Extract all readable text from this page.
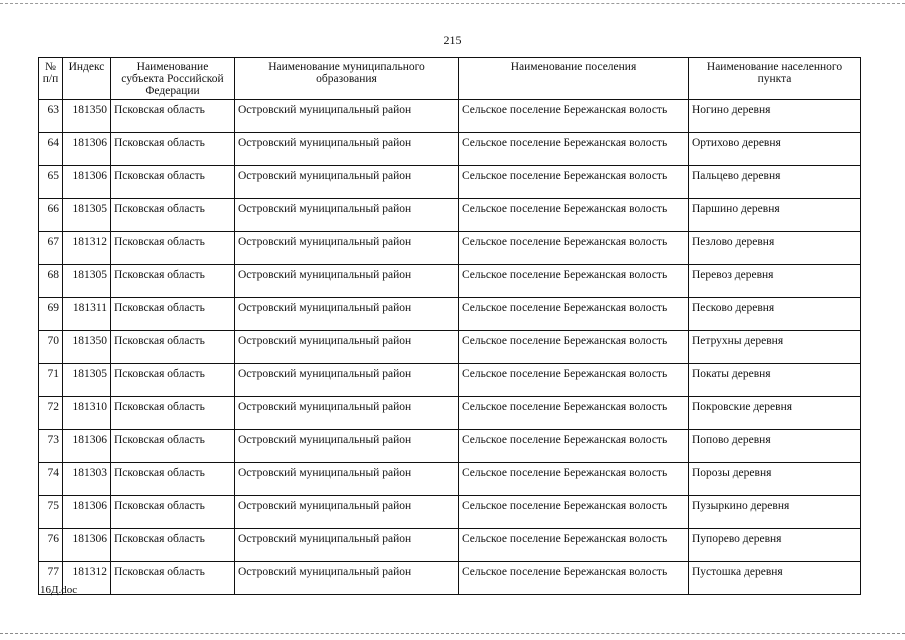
215
№ п/п	Индекс	Наименование субъекта Российской Федерации	Наименование муниципального образования	Наименование поселения	Наименование населенного пункта
63	181350	Псковская область	Островский муниципальный район	Сельское поселение Бережанская волость	Ногино деревня
64	181306	Псковская область	Островский муниципальный район	Сельское поселение Бережанская волость	Ортихово деревня
65	181306	Псковская область	Островский муниципальный район	Сельское поселение Бережанская волость	Пальцево деревня
66	181305	Псковская область	Островский муниципальный район	Сельское поселение Бережанская волость	Паршино деревня
67	181312	Псковская область	Островский муниципальный район	Сельское поселение Бережанская волость	Пезлово деревня
68	181305	Псковская область	Островский муниципальный район	Сельское поселение Бережанская волость	Перевоз деревня
69	181311	Псковская область	Островский муниципальный район	Сельское поселение Бережанская волость	Песково деревня
70	181350	Псковская область	Островский муниципальный район	Сельское поселение Бережанская волость	Петрухны деревня
71	181305	Псковская область	Островский муниципальный район	Сельское поселение Бережанская волость	Покаты деревня
72	181310	Псковская область	Островский муниципальный район	Сельское поселение Бережанская волость	Покровские деревня
73	181306	Псковская область	Островский муниципальный район	Сельское поселение Бережанская волость	Попово деревня
74	181303	Псковская область	Островский муниципальный район	Сельское поселение Бережанская волость	Порозы деревня
75	181306	Псковская область	Островский муниципальный район	Сельское поселение Бережанская волость	Пузыркино деревня
76	181306	Псковская область	Островский муниципальный район	Сельское поселение Бережанская волость	Пупорево деревня
77	181312	Псковская область	Островский муниципальный район	Сельское поселение Бережанская волость	Пустошка деревня
16Д.doc
